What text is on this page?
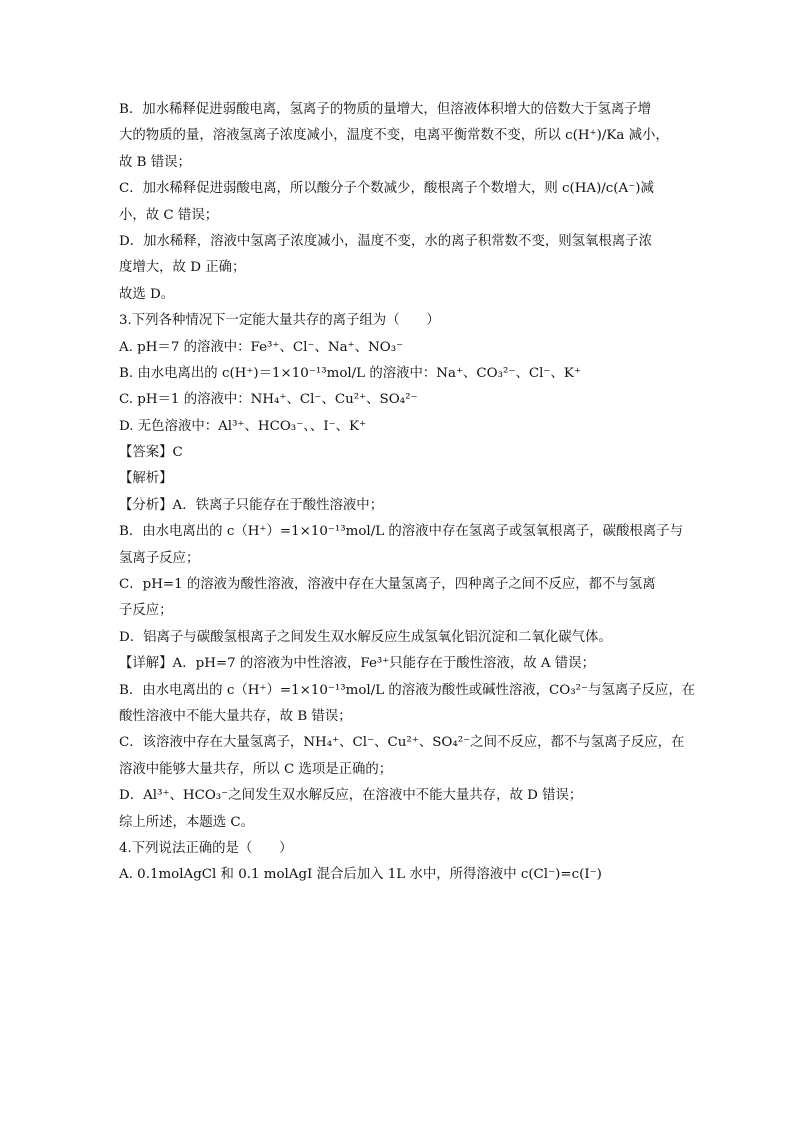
B．加水稀释促进弱酸电离，氢离子的物质的量增大，但溶液体积增大的倍数大于氢离子增
大的物质的量，溶液氢离子浓度减小，温度不变，电离平衡常数不变，所以 c(H⁺)/Ka 减小，
故 B 错误；
C．加水稀释促进弱酸电离，所以酸分子个数减少，酸根离子个数增大，则 c(HA)/c(A⁻)减
小，故 C 错误；
D．加水稀释，溶液中氢离子浓度减小，温度不变，水的离子积常数不变，则氢氧根离子浓
度增大，故 D 正确；
故选 D。
3.下列各种情况下一定能大量共存的离子组为（　　）
A. pH＝7 的溶液中：Fe³⁺、Cl⁻、Na⁺、NO₃⁻
B. 由水电离出的 c(H⁺)＝1×10⁻¹³mol/L 的溶液中：Na⁺、CO₃²⁻、Cl⁻、K⁺
C. pH＝1 的溶液中：NH₄⁺、Cl⁻、Cu²⁺、SO₄²⁻
D. 无色溶液中：Al³⁺、HCO₃⁻、、I⁻、K⁺
【答案】C
【解析】
【分析】A．铁离子只能存在于酸性溶液中；
B．由水电离出的 c（H⁺）=1×10⁻¹³mol/L 的溶液中存在氢离子或氢氧根离子，碳酸根离子与
氢离子反应；
C．pH=1 的溶液为酸性溶液，溶液中存在大量氢离子，四种离子之间不反应，都不与氢离
子反应；
D．铝离子与碳酸氢根离子之间发生双水解反应生成氢氧化铝沉淀和二氧化碳气体。
【详解】A．pH=7 的溶液为中性溶液，Fe³⁺只能存在于酸性溶液，故 A 错误；
B．由水电离出的 c（H⁺）=1×10⁻¹³mol/L 的溶液为酸性或碱性溶液，CO₃²⁻与氢离子反应，在
酸性溶液中不能大量共存，故 B 错误；
C．该溶液中存在大量氢离子，NH₄⁺、Cl⁻、Cu²⁺、SO₄²⁻之间不反应，都不与氢离子反应，在
溶液中能够大量共存，所以 C 选项是正确的；
D．Al³⁺、HCO₃⁻之间发生双水解反应，在溶液中不能大量共存，故 D 错误；
综上所述，本题选 C。
4.下列说法正确的是（　　）
A. 0.1molAgCl 和 0.1 molAgI 混合后加入 1L 水中，所得溶液中 c(Cl⁻)=c(I⁻)
